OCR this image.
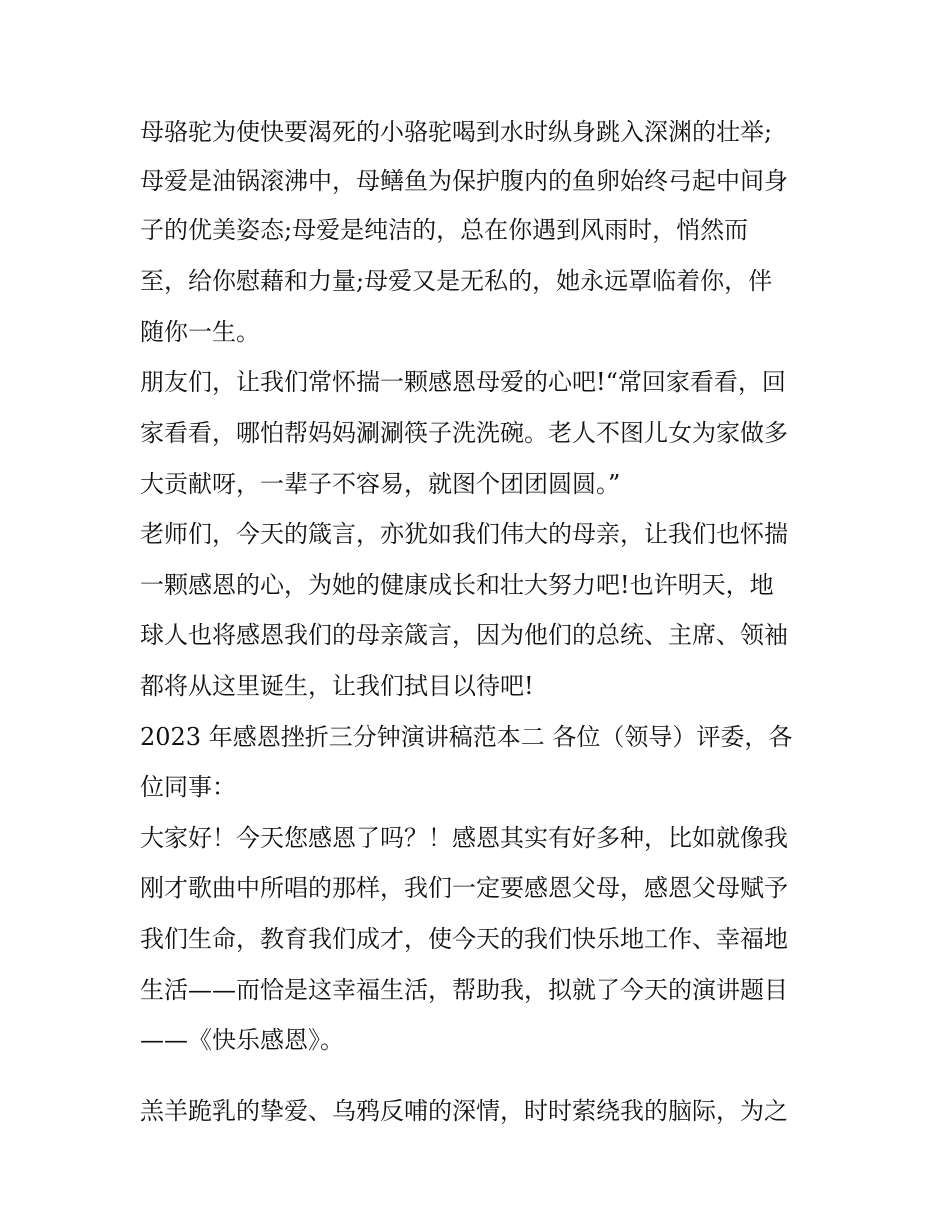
母骆驼为使快要渴死的小骆驼喝到水时纵身跳入深渊的壮举;

母爱是油锅滚沸中，母鳝鱼为保护腹内的鱼卵始终弓起中间身

子的优美姿态;母爱是纯洁的，总在你遇到风雨时，悄然而

至，给你慰藉和力量;母爱又是无私的，她永远罩临着你，伴

随你一生。

朋友们，让我们常怀揣一颗感恩母爱的心吧!“常回家看看，回

家看看，哪怕帮妈妈涮涮筷子洗洗碗。老人不图儿女为家做多

大贡献呀，一辈子不容易，就图个团团圆圆。”

老师们，今天的箴言，亦犹如我们伟大的母亲，让我们也怀揣

一颗感恩的心，为她的健康成长和壮大努力吧!也许明天，地

球人也将感恩我们的母亲箴言，因为他们的总统、主席、领袖

都将从这里诞生，让我们拭目以待吧!

2023 年感恩挫折三分钟演讲稿范本二 各位（领导）评委，各

位同事：

大家好！今天您感恩了吗？！感恩其实有好多种，比如就像我

刚才歌曲中所唱的那样，我们一定要感恩父母，感恩父母赋予

我们生命，教育我们成才，使今天的我们快乐地工作、幸福地

生活——而恰是这幸福生活，帮助我，拟就了今天的演讲题目

——《快乐感恩》。

羔羊跪乳的挚爱、乌鸦反哺的深情，时时萦绕我的脑际，为之
